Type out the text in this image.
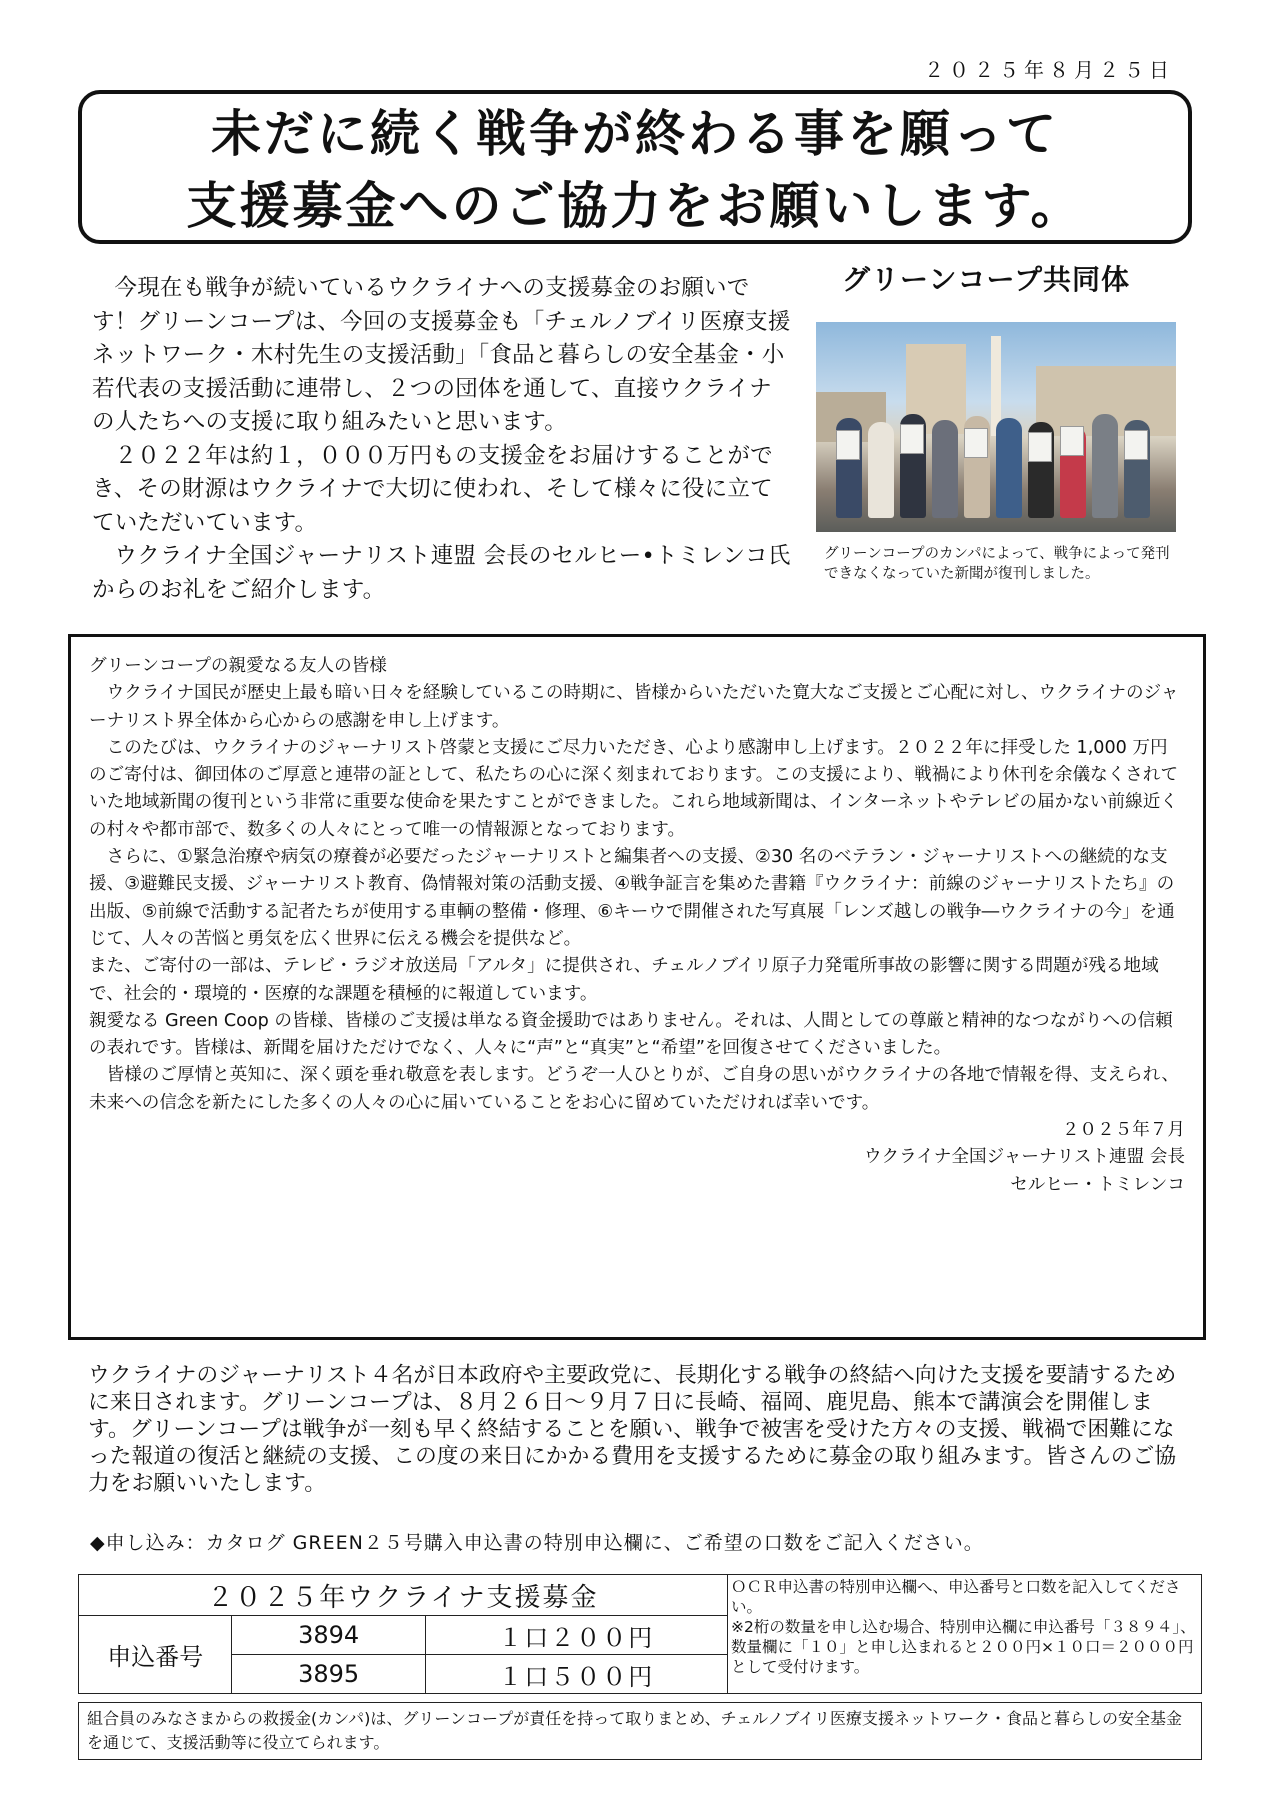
２０２５年８月２５日
未だに続く戦争が終わる事を願って
支援募金へのご協力をお願いします。
グリーンコープ共同体

今現在も戦争が続いているウクライナへの支援募金のお願いです！グリーンコープは、今回の支援募金も「チェルノブイリ医療支援ネットワーク・木村先生の支援活動」「食品と暮らしの安全基金・小若代表の支援活動に連帯し、２つの団体を通して、直接ウクライナの人たちへの支援に取り組みたいと思います。

２０２２年は約１，０００万円もの支援金をお届けすることができ、その財源はウクライナで大切に使われ、そして様々に役に立てていただいています。

ウクライナ全国ジャーナリスト連盟 会長のセルヒー•トミレンコ氏からのお礼をご紹介します。

グリーンコープのカンパによって、戦争によって発刊できなくなっていた新聞が復刊しました。

グリーンコープの親愛なる友人の皆様

ウクライナ国民が歴史上最も暗い日々を経験しているこの時期に、皆様からいただいた寛大なご支援とご心配に対し、ウクライナのジャーナリスト界全体から心からの感謝を申し上げます。

このたびは、ウクライナのジャーナリスト啓蒙と支援にご尽力いただき、心より感謝申し上げます。２０２２年に拝受した 1,000 万円のご寄付は、御団体のご厚意と連帯の証として、私たちの心に深く刻まれております。この支援により、戦禍により休刊を余儀なくされていた地域新聞の復刊という非常に重要な使命を果たすことができました。これら地域新聞は、インターネットやテレビの届かない前線近くの村々や都市部で、数多くの人々にとって唯一の情報源となっております。

さらに、①緊急治療や病気の療養が必要だったジャーナリストと編集者への支援、②30 名のベテラン・ジャーナリストへの継続的な支援、③避難民支援、ジャーナリスト教育、偽情報対策の活動支援、④戦争証言を集めた書籍『ウクライナ：前線のジャーナリストたち』の出版、⑤前線で活動する記者たちが使用する車輌の整備・修理、⑥キーウで開催された写真展「レンズ越しの戦争―ウクライナの今」を通じて、人々の苦悩と勇気を広く世界に伝える機会を提供など。

また、ご寄付の一部は、テレビ・ラジオ放送局「アルタ」に提供され、チェルノブイリ原子力発電所事故の影響に関する問題が残る地域で、社会的・環境的・医療的な課題を積極的に報道しています。

親愛なる Green Coop の皆様、皆様のご支援は単なる資金援助ではありません。それは、人間としての尊厳と精神的なつながりへの信頼の表れです。皆様は、新聞を届けただけでなく、人々に“声”と“真実”と“希望”を回復させてくださいました。

皆様のご厚情と英知に、深く頭を垂れ敬意を表します。どうぞ一人ひとりが、ご自身の思いがウクライナの各地で情報を得、支えられ、未来への信念を新たにした多くの人々の心に届いていることをお心に留めていただければ幸いです。

２０２５年７月

ウクライナ全国ジャーナリスト連盟 会長

セルヒー・トミレンコ

ウクライナのジャーナリスト４名が日本政府や主要政党に、長期化する戦争の終結へ向けた支援を要請するために来日されます。グリーンコープは、８月２６日～９月７日に長崎、福岡、鹿児島、熊本で講演会を開催します。グリーンコープは戦争が一刻も早く終結することを願い、戦争で被害を受けた方々の支援、戦禍で困難になった報道の復活と継続の支援、この度の来日にかかる費用を支援するために募金の取り組みます。皆さんのご協力をお願いいたします。
◆申し込み：カタログ GREEN２５号購入申込書の特別申込欄に、ご希望の口数をご記入ください。
２０２５年ウクライナ支援募金			
申込番号	3894	１口２００円	
	3895	１口５００円	
ＯＣＲ申込書の特別申込欄へ、申込番号と口数を記入してください。
※2桁の数量を申し込む場合、特別申込欄に申込番号「３８９４」、数量欄に「１０」と申し込まれると２００円×１０口＝２０００円として受付けます。
組合員のみなさまからの救援金(カンパ)は、グリーンコープが責任を持って取りまとめ、チェルノブイリ医療支援ネットワーク・食品と暮らしの安全基金を通じて、支援活動等に役立てられます。
